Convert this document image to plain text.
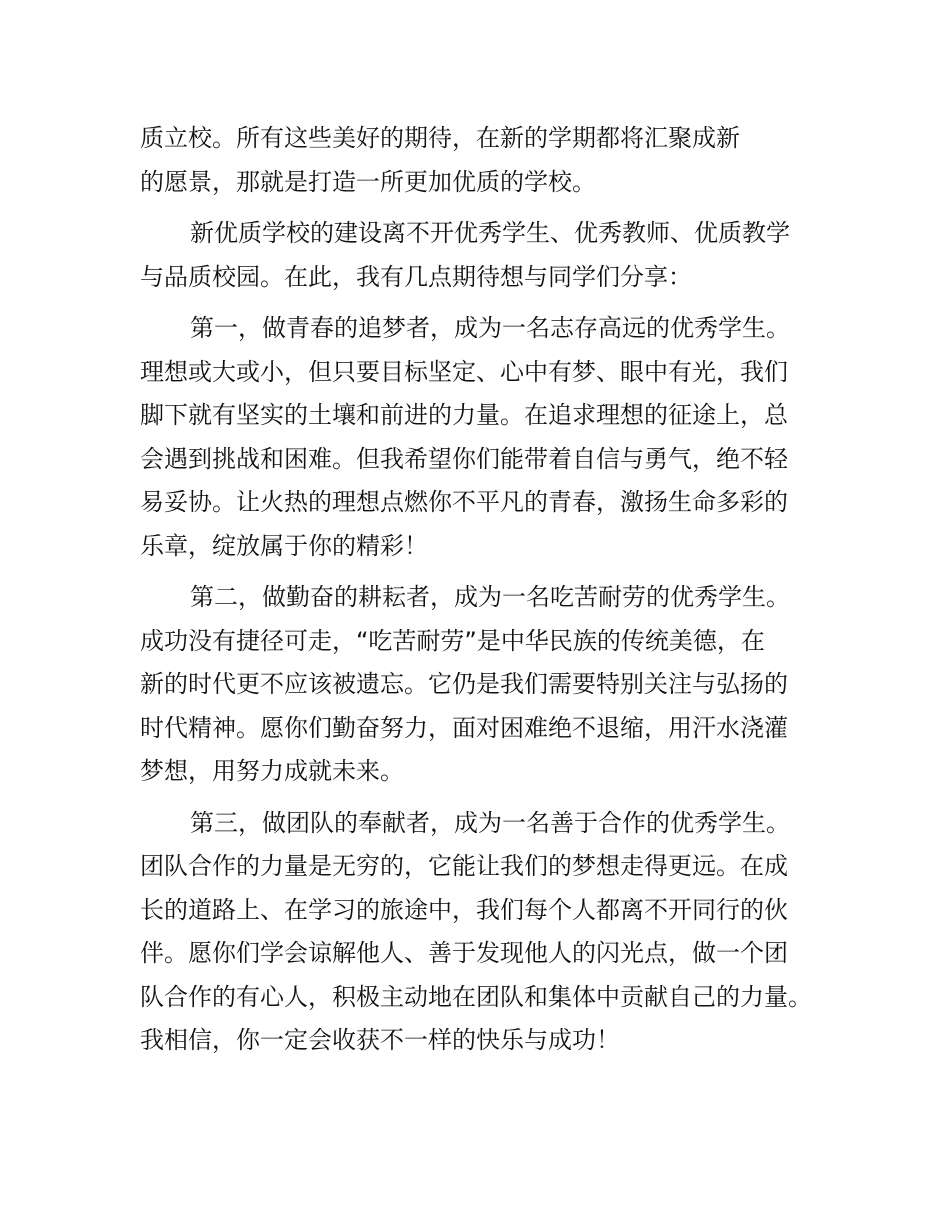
质立校。所有这些美好的期待，在新的学期都将汇聚成新
的愿景，那就是打造一所更加优质的学校。
新优质学校的建设离不开优秀学生、优秀教师、优质教学
与品质校园。在此，我有几点期待想与同学们分享：
第一，做青春的追梦者，成为一名志存高远的优秀学生。
理想或大或小，但只要目标坚定、心中有梦、眼中有光，我们
脚下就有坚实的土壤和前进的力量。在追求理想的征途上，总
会遇到挑战和困难。但我希望你们能带着自信与勇气，绝不轻
易妥协。让火热的理想点燃你不平凡的青春，激扬生命多彩的
乐章，绽放属于你的精彩！
第二，做勤奋的耕耘者，成为一名吃苦耐劳的优秀学生。
成功没有捷径可走，“吃苦耐劳”是中华民族的传统美德，在
新的时代更不应该被遗忘。它仍是我们需要特别关注与弘扬的
时代精神。愿你们勤奋努力，面对困难绝不退缩，用汗水浇灌
梦想，用努力成就未来。
第三，做团队的奉献者，成为一名善于合作的优秀学生。
团队合作的力量是无穷的，它能让我们的梦想走得更远。在成
长的道路上、在学习的旅途中，我们每个人都离不开同行的伙
伴。愿你们学会谅解他人、善于发现他人的闪光点，做一个团
队合作的有心人，积极主动地在团队和集体中贡献自己的力量。
我相信，你一定会收获不一样的快乐与成功！
